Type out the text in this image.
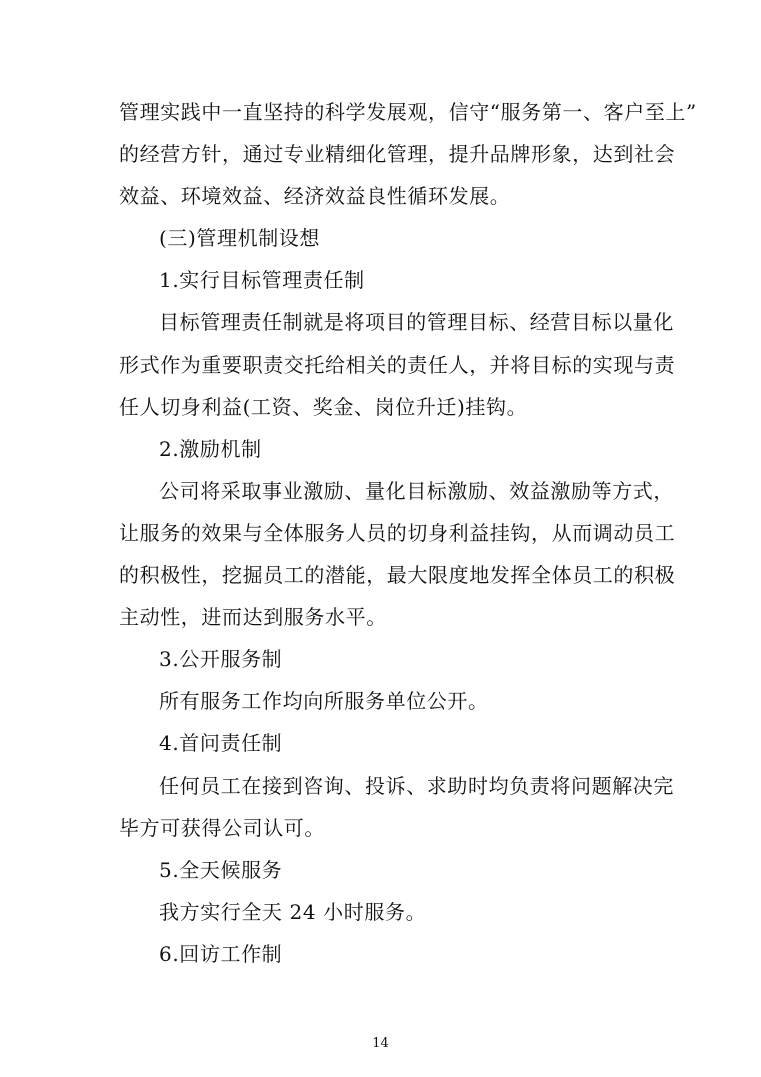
管理实践中一直坚持的科学发展观，信守“服务第一、客户至上”
的经营方针，通过专业精细化管理，提升品牌形象，达到社会
效益、环境效益、经济效益良性循环发展。
(三)管理机制设想
1.实行目标管理责任制
目标管理责任制就是将项目的管理目标、经营目标以量化
形式作为重要职责交托给相关的责任人，并将目标的实现与责
任人切身利益(工资、奖金、岗位升迁)挂钩。
2.激励机制
公司将采取事业激励、量化目标激励、效益激励等方式，
让服务的效果与全体服务人员的切身利益挂钩，从而调动员工
的积极性，挖掘员工的潜能，最大限度地发挥全体员工的积极
主动性，进而达到服务水平。
3.公开服务制
所有服务工作均向所服务单位公开。
4.首问责任制
任何员工在接到咨询、投诉、求助时均负责将问题解决完
毕方可获得公司认可。
5.全天候服务
我方实行全天 24 小时服务。
6.回访工作制
14
